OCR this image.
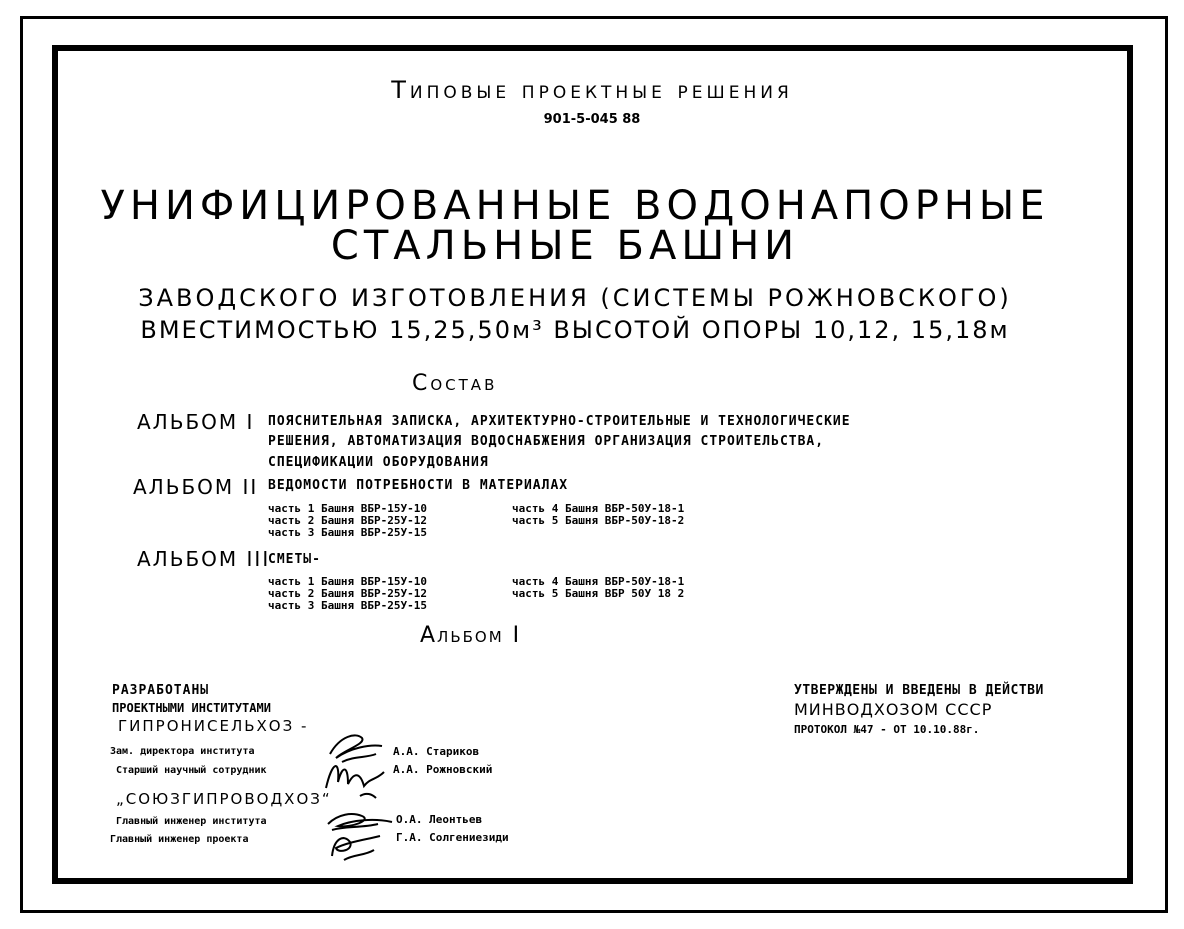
Типовые проектные решения
901-5-045 88
УНИФИЦИРОВАННЫЕ ВОДОНАПОРНЫЕ
СТАЛЬНЫЕ БАШНИ
ЗАВОДСКОГО ИЗГОТОВЛЕНИЯ (СИСТЕМЫ РОЖНОВСКОГО)
ВМЕСТИМОСТЬЮ 15,25,50м³ ВЫСОТОЙ ОПОРЫ 10,12, 15,18м
Состав
АЛЬБОМ I ПОЯСНИТЕЛЬНАЯ ЗАПИСКА, АРХИТЕКТУРНО-СТРОИТЕЛЬНЫЕ И ТЕХНОЛОГИЧЕСКИЕ
РЕШЕНИЯ, АВТОМАТИЗАЦИЯ ВОДОСНАБЖЕНИЯ ОРГАНИЗАЦИЯ СТРОИТЕЛЬСТВА,
СПЕЦИФИКАЦИИ ОБОРУДОВАНИЯ
АЛЬБОМ II ВЕДОМОСТИ ПОТРЕБНОСТИ В МАТЕРИАЛАХ
часть 1 Башня ВБР-15У-10
часть 2 Башня ВБР-25У-12
часть 3 Башня ВБР-25У-15
часть 4 Башня ВБР-50У-18-1
часть 5 Башня ВБР-50У-18-2
АЛЬБОМ III
СМЕТЫ-
часть 1 Башня ВБР-15У-10
часть 2 Башня ВБР-25У-12
часть 3 Башня ВБР-25У-15
часть 4 Башня ВБР-50У-18-1
часть 5 Башня ВБР 50У 18 2
Альбом I
РАЗРАБОТАНЫ
ПРОЕКТНЫМИ ИНСТИТУТАМИ
ГИПРОНИСЕЛЬХОЗ -
Зам. директора института
Старший научный сотрудник
А.А. Стариков
А.А. Рожновский
„СОЮЗГИПРОВОДХОЗ“
Главный инженер института
Главный инженер проекта
О.А. Леонтьев
Г.А. Солгениезиди
УТВЕРЖДЕНЫ И ВВЕДЕНЫ В ДЕЙСТВИ
МИНВОДХОЗОМ СССР
ПРОТОКОЛ №47 - ОТ 10.10.88г.
